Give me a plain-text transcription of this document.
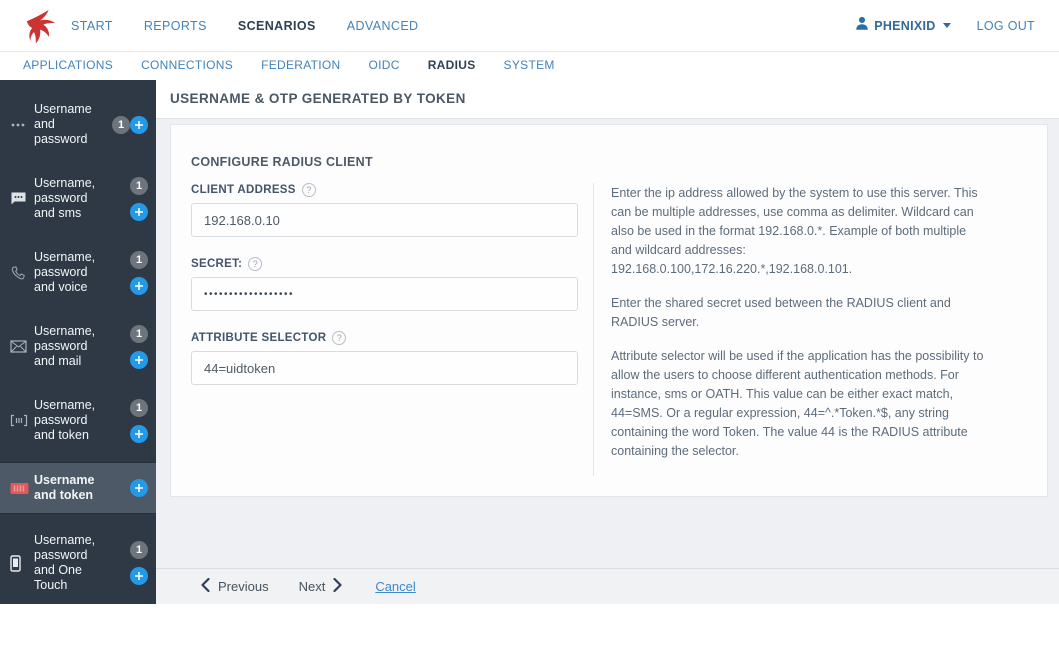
START REPORTS SCENARIOS ADVANCED	PHENIXID	LOG OUT
APPLICATIONS CONNECTIONS FEDERATION OIDC RADIUS SYSTEM
Username and password
1
Username, password and sms
1
Username, password and voice
1
Username, password and mail
1
Username, password and token
1
Username and token
Username, password and One Touch
1
USERNAME & OTP GENERATED BY TOKEN
CONFIGURE RADIUS CLIENT
CLIENT ADDRESS	?
192.168.0.10
SECRET:	?
••••••••••••••••••
ATTRIBUTE SELECTOR	?
44=uidtoken

Enter the ip address allowed by the system to use this server. This can be multiple addresses, use comma as delimiter. Wildcard can also be used in the format 192.168.0.*. Example of both multiple and wildcard addresses: 192.168.0.100,172.16.220.*,192.168.0.101.

Enter the shared secret used between the RADIUS client and RADIUS server.

Attribute selector will be used if the application has the possibility to allow the users to choose different authentication methods. For instance, sms or OATH. This value can be either exact match, 44=SMS. Or a regular expression, 44=^.*Token.*$, any string containing the word Token. The value 44 is the RADIUS attribute containing the selector.

Previous Next	Cancel
